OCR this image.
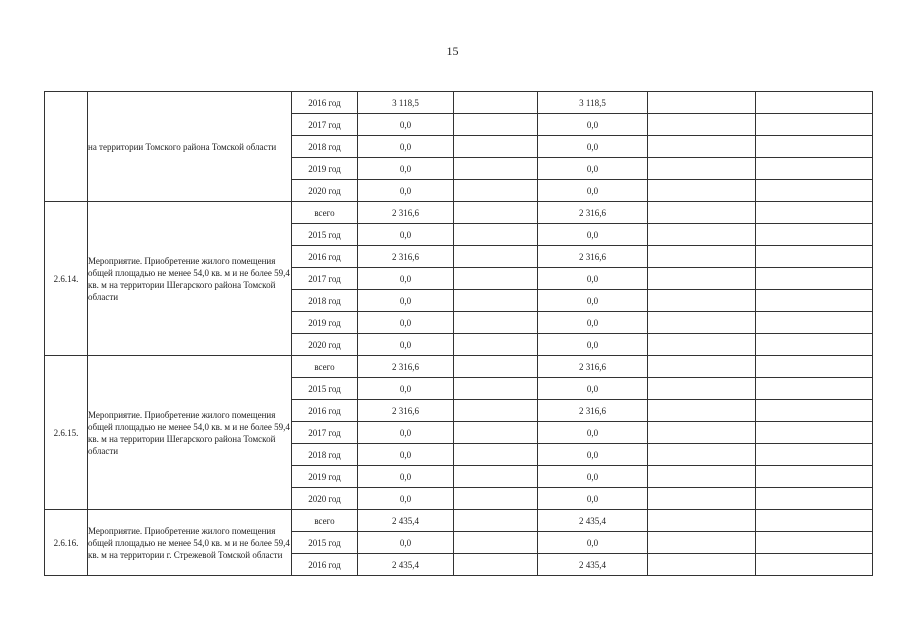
15
	на территории Томского района Томской области	2016 год	3 118,5		3 118,5		
		2017 год	0,0		0,0		
		2018 год	0,0		0,0		
		2019 год	0,0		0,0		
		2020 год	0,0		0,0		
2.6.14.	Мероприятие. Приобретение жилого помещения общей площадью не менее 54,0 кв. м и не более 59,4 кв. м на территории Шегарского района Томской области	всего	2 316,6		2 316,6		
		2015 год	0,0		0,0		
		2016 год	2 316,6		2 316,6		
		2017 год	0,0		0,0		
		2018 год	0,0		0,0		
		2019 год	0,0		0,0		
		2020 год	0,0		0,0		
2.6.15.	Мероприятие. Приобретение жилого помещения общей площадью не менее 54,0 кв. м и не более 59,4 кв. м на территории Шегарского района Томской области	всего	2 316,6		2 316,6		
		2015 год	0,0		0,0		
		2016 год	2 316,6		2 316,6		
		2017 год	0,0		0,0		
		2018 год	0,0		0,0		
		2019 год	0,0		0,0		
		2020 год	0,0		0,0		
2.6.16.	Мероприятие. Приобретение жилого помещения общей площадью не менее 54,0 кв. м и не более 59,4 кв. м на территории г. Стрежевой Томской области	всего	2 435,4		2 435,4		
		2015 год	0,0		0,0		
		2016 год	2 435,4		2 435,4		
